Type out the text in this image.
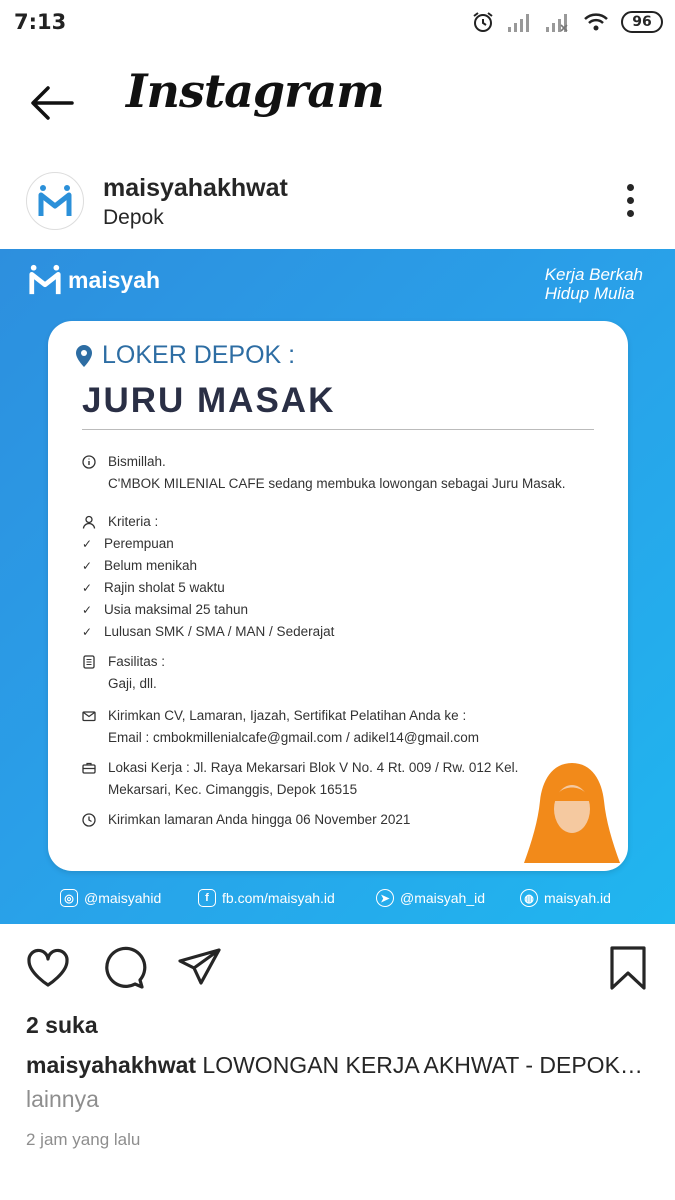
7:13	96
Instagram
maisyahakhwat
Depok
maisyah	Kerja Berkah
Hidup Mulia
LOKER DEPOK :
JURU MASAK
Bismillah.
C'MBOK MILENIAL CAFE sedang membuka lowongan sebagai Juru Masak.
Kriteria :
✓ Perempuan
✓ Belum menikah
✓ Rajin sholat 5 waktu
✓ Usia maksimal 25 tahun
✓ Lulusan SMK / SMA / MAN / Sederajat
Fasilitas :
Gaji, dll.
Kirimkan CV, Lamaran, Ijazah, Sertifikat Pelatihan Anda ke :
Email : cmbokmillenialcafe@gmail.com / adikel14@gmail.com
Lokasi Kerja : Jl. Raya Mekarsari Blok V No. 4 Rt. 009 / Rw. 012 Kel.
Mekarsari, Kec. Cimanggis, Depok 16515
Kirimkan lamaran Anda hingga 06 November 2021
◎ @maisyahid	f fb.com/maisyah.id	➤ @maisyah_id	◍ maisyah.id
2 suka
maisyahakhwat LOWONGAN KERJA AKHWAT - DEPOK… lainnya
2 jam yang lalu
